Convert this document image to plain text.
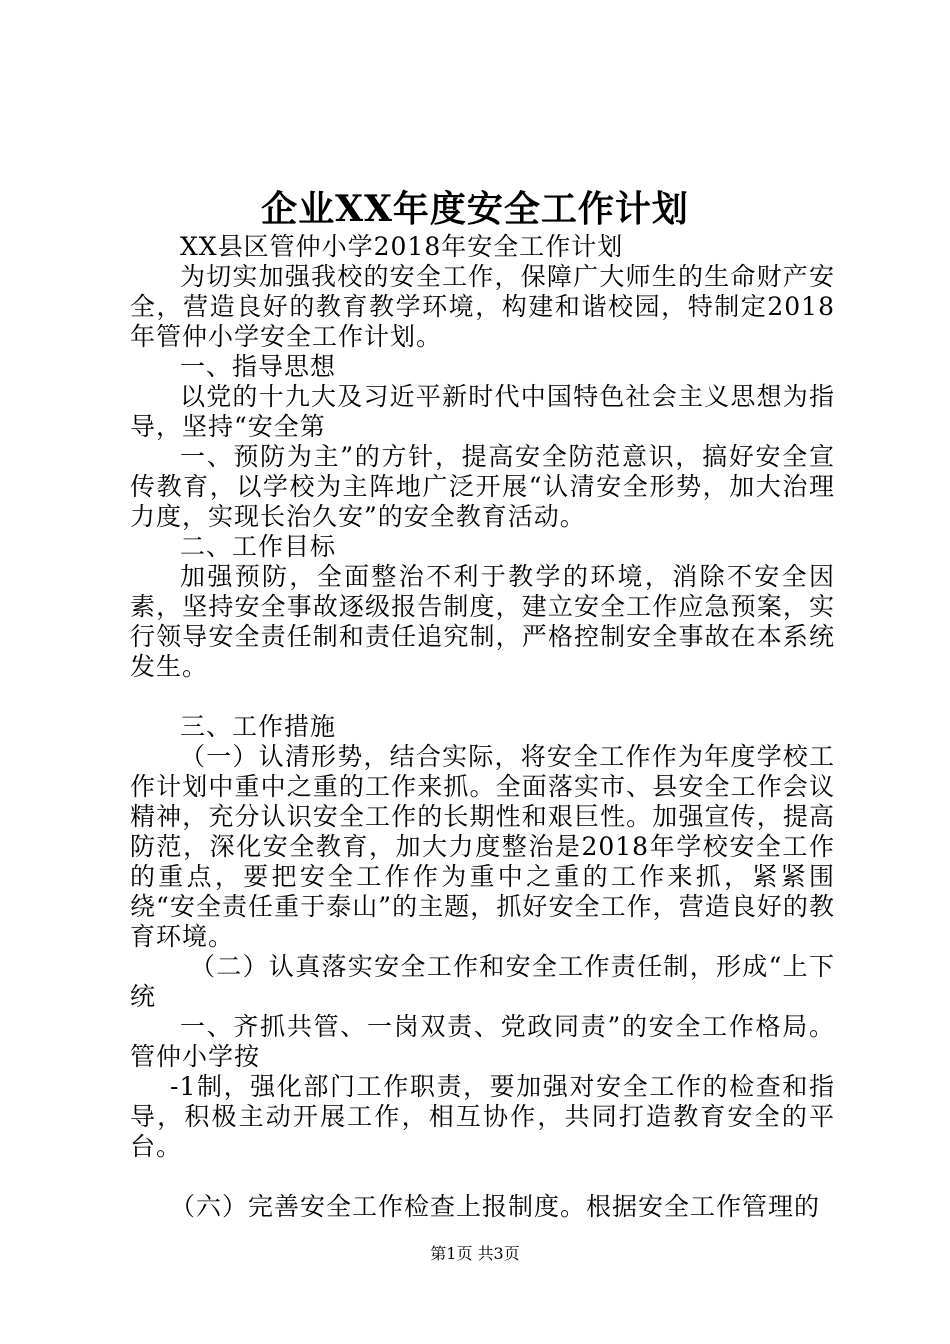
企业XX年度安全工作计划

XX县区管仲小学2018年安全工作计划

为切实加强我校的安全工作，保障广大师生的生命财产安全，营造良好的教育教学环境，构建和谐校园，特制定2018年管仲小学安全工作计划。

一、指导思想

以党的十九大及习近平新时代中国特色社会主义思想为指导，坚持“安全第

一、预防为主”的方针，提高安全防范意识，搞好安全宣传教育，以学校为主阵地广泛开展“认清安全形势，加大治理力度，实现长治久安”的安全教育活动。

二、工作目标

加强预防，全面整治不利于教学的环境，消除不安全因素，坚持安全事故逐级报告制度，建立安全工作应急预案，实行领导安全责任制和责任追究制，严格控制安全事故在本系统发生。

三、工作措施

（一）认清形势，结合实际，将安全工作作为年度学校工作计划中重中之重的工作来抓。全面落实市、县安全工作会议精神，充分认识安全工作的长期性和艰巨性。加强宣传，提高防范，深化安全教育，加大力度整治是2018年学校安全工作的重点，要把安全工作作为重中之重的工作来抓，紧紧围绕“安全责任重于泰山”的主题，抓好安全工作，营造良好的教育环境。

（二）认真落实安全工作和安全工作责任制，形成“上下统

一、齐抓共管、一岗双责、党政同责”的安全工作格局。管仲小学按

-1制，强化部门工作职责，要加强对安全工作的检查和指导，积极主动开展工作，相互协作，共同打造教育安全的平台。

（六）完善安全工作检查上报制度。根据安全工作管理的

第1页 共3页
